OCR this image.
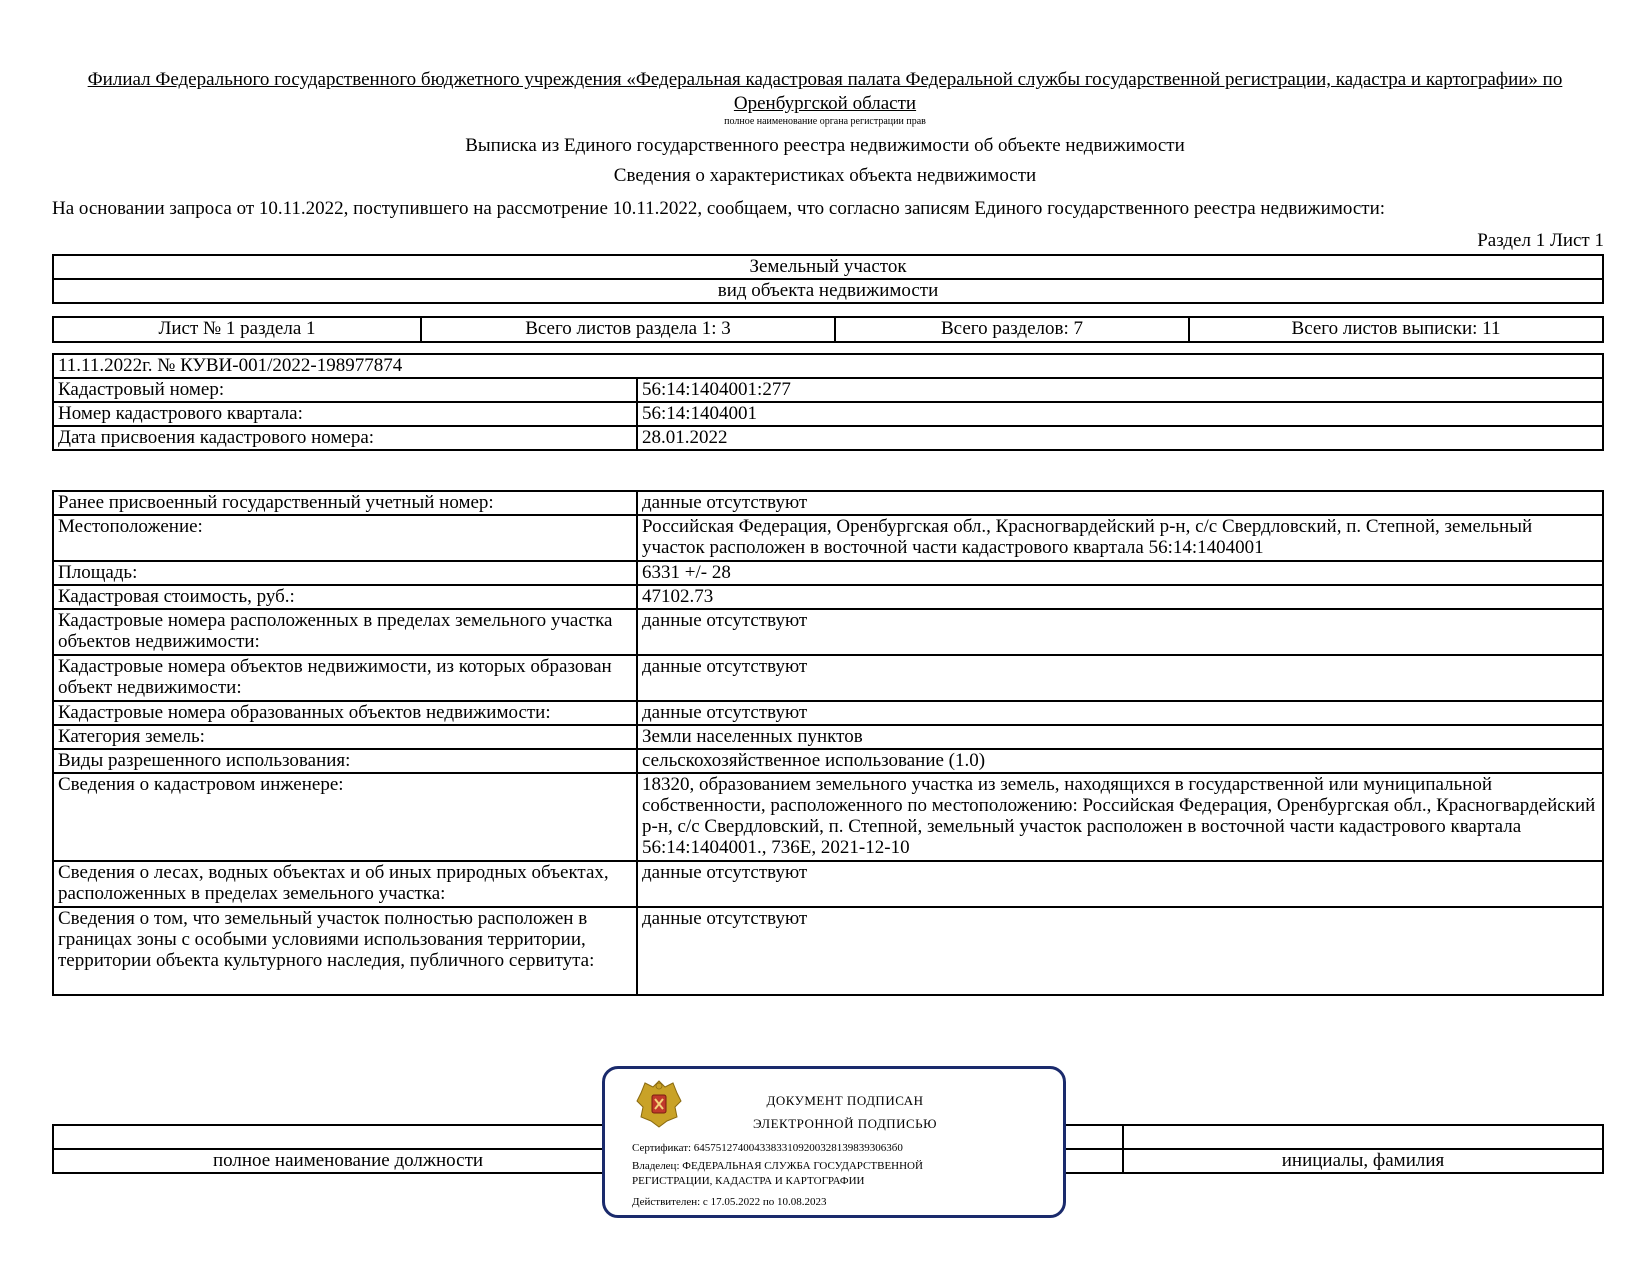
Филиал Федерального государственного бюджетного учреждения «Федеральная кадастровая палата Федеральной службы государственной регистрации, кадастра и картографии» по Оренбургской области
полное наименование органа регистрации прав
Выписка из Единого государственного реестра недвижимости об объекте недвижимости
Сведения о характеристиках объекта недвижимости
На основании запроса от 10.11.2022, поступившего на рассмотрение 10.11.2022, сообщаем, что согласно записям Единого государственного реестра недвижимости:
Раздел 1 Лист 1
Земельный участок
вид объекта недвижимости
Лист № 1 раздела 1	Всего листов раздела 1: 3	Всего разделов: 7	Всего листов выписки: 11
11.11.2022г. № КУВИ-001/2022-198977874	
Кадастровый номер:	56:14:1404001:277
Номер кадастрового квартала:	56:14:1404001
Дата присвоения кадастрового номера:	28.01.2022
Ранее присвоенный государственный учетный номер:	данные отсутствуют
Местоположение:	Российская Федерация, Оренбургская обл., Красногвардейский р-н, с/с Свердловский, п. Степной, земельный участок расположен в восточной части кадастрового квартала 56:14:1404001
Площадь:	6331 +/- 28
Кадастровая стоимость, руб.:	47102.73
Кадастровые номера расположенных в пределах земельного участка объектов недвижимости:	данные отсутствуют
Кадастровые номера объектов недвижимости, из которых образован объект недвижимости:	данные отсутствуют
Кадастровые номера образованных объектов недвижимости:	данные отсутствуют
Категория земель:	Земли населенных пунктов
Виды разрешенного использования:	сельскохозяйственное использование (1.0)
Сведения о кадастровом инженере:	18320, образованием земельного участка из земель, находящихся в государственной или муниципальной собственности, расположенного по местоположению: Российская Федерация, Оренбургская обл., Красногвардейский р-н, с/с Свердловский, п. Степной, земельный участок расположен в восточной части кадастрового квартала 56:14:1404001., 736Е, 2021-12-10
Сведения о лесах, водных объектах и об иных природных объектах, расположенных в пределах земельного участка:	данные отсутствуют
Сведения о том, что земельный участок полностью расположен в границах зоны с особыми условиями использования территории, территории объекта культурного наследия, публичного сервитута:	данные отсутствуют

полное наименование должности		инициалы, фамилия
ДОКУМЕНТ ПОДПИСАН
ЭЛЕКТРОННОЙ ПОДПИСЬЮ
Сертификат: 645751274004338331092003281398393063б0
Владелец: ФЕДЕРАЛЬНАЯ СЛУЖБА ГОСУДАРСТВЕННОЙ РЕГИСТРАЦИИ, КАДАСТРА И КАРТОГРАФИИ
Действителен: с 17.05.2022 по 10.08.2023
